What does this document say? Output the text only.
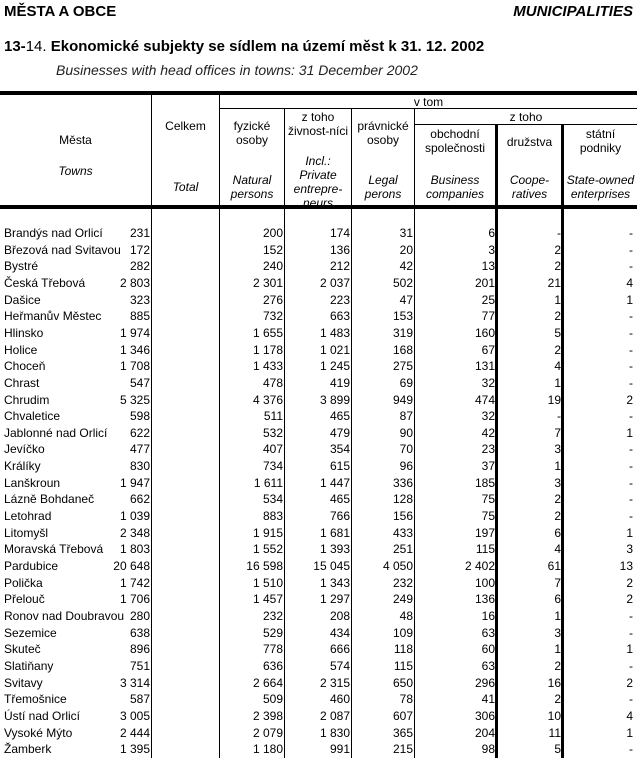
MĚSTA A OBCE	MUNICIPALITIES
13-14. Ekonomické subjekty se sídlem na území měst k 31. 12. 2002
Businesses with head offices in towns: 31 December 2002
Města
Towns
Celkem
Total
v tom
fyzické osoby
Natural persons
z toho živnost-níci
Incl.: Private entrepre-neurs
právnické osoby
Legal perons
z toho
obchodní společnosti
Business companies
družstva
Coope-ratives
státní podniky
State-owned enterprises
Brandýs nad Orlicí 231	200	174	31	6	-	-
Březová nad Svitavou 172	152	136	20	3	2	-
Bystré	282	240	212	42	13	2	-
Česká Třebová	2 803	2 301	2 037	502	201	21	4
Dašice	323	276	223	47	25	1	1
Heřmanův Městec 885	732	663	153	77	2	-
Hlinsko	1 974	1 655	1 483	319	160	5	-
Holice	1 346	1 178	1 021	168	67	2	-
Choceň	1 708	1 433	1 245	275	131	4	-
Chrast	547	478	419	69	32	1	-
Chrudim	5 325	4 376	3 899	949	474	19	2
Chvaletice	598	511	465	87	32	-	-
Jablonné nad Orlicí 622	532	479	90	42	7	1
Jevíčko	477	407	354	70	23	3	-
Králíky	830	734	615	96	37	1	-
Lanškroun	1 947	1 611	1 447	336	185	3	-
Lázně Bohdaneč	662	534	465	128	75	2	-
Letohrad	1 039	883	766	156	75	2	-
Litomyšl	2 348	1 915	1 681	433	197	6	1
Moravská Třebová 1 803	1 552	1 393	251	115	4	3
Pardubice	20 648	16 598	15 045	4 050	2 402	61	13
Polička	1 742	1 510	1 343	232	100	7	2
Přelouč	1 706	1 457	1 297	249	136	6	2
Ronov nad Doubravou 280	232	208	48	16	1	-
Sezemice	638	529	434	109	63	3	-
Skuteč	896	778	666	118	60	1	1
Slatiňany	751	636	574	115	63	2	-
Svitavy	3 314	2 664	2 315	650	296	16	2
Třemošnice	587	509	460	78	41	2	-
Ústí nad Orlicí	3 005	2 398	2 087	607	306	10	4
Vysoké Mýto	2 444	2 079	1 830	365	204	11	1
Žamberk	1 395	1 180	991	215	98	5	-
